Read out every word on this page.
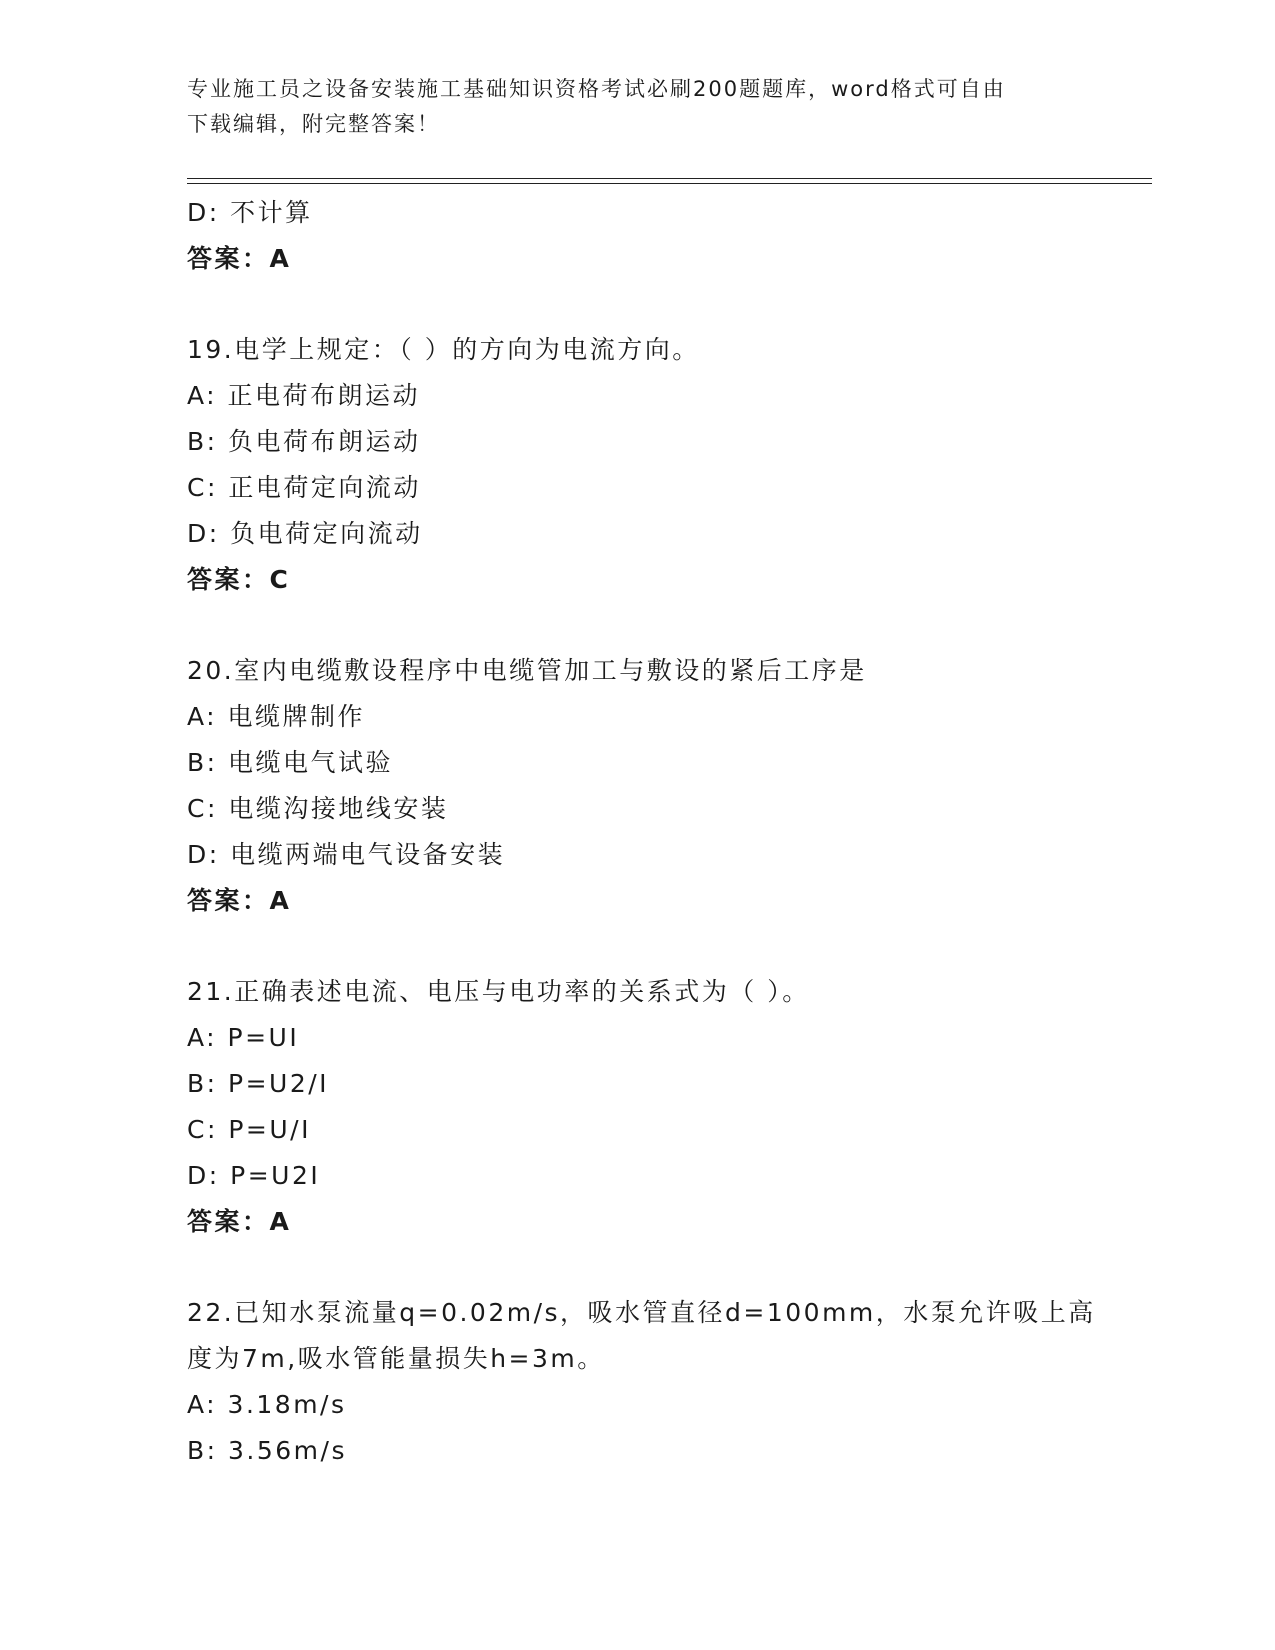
专业施工员之设备安装施工基础知识资格考试必刷200题题库，word格式可自由
下载编辑，附完整答案！
D: 不计算
答案：A
19.电学上规定：（ ）的方向为电流方向。
A: 正电荷布朗运动
B: 负电荷布朗运动
C: 正电荷定向流动
D: 负电荷定向流动
答案：C
20.室内电缆敷设程序中电缆管加工与敷设的紧后工序是
A: 电缆牌制作
B: 电缆电气试验
C: 电缆沟接地线安装
D: 电缆两端电气设备安装
答案：A
21.正确表述电流、电压与电功率的关系式为（ ）。
A: P=UI
B: P=U2/I
C: P=U/I
D: P=U2I
答案：A
22.已知水泵流量q=0.02m/s，吸水管直径d=100mm，水泵允许吸上高
度为7m,吸水管能量损失h=3m。
A: 3.18m/s
B: 3.56m/s
